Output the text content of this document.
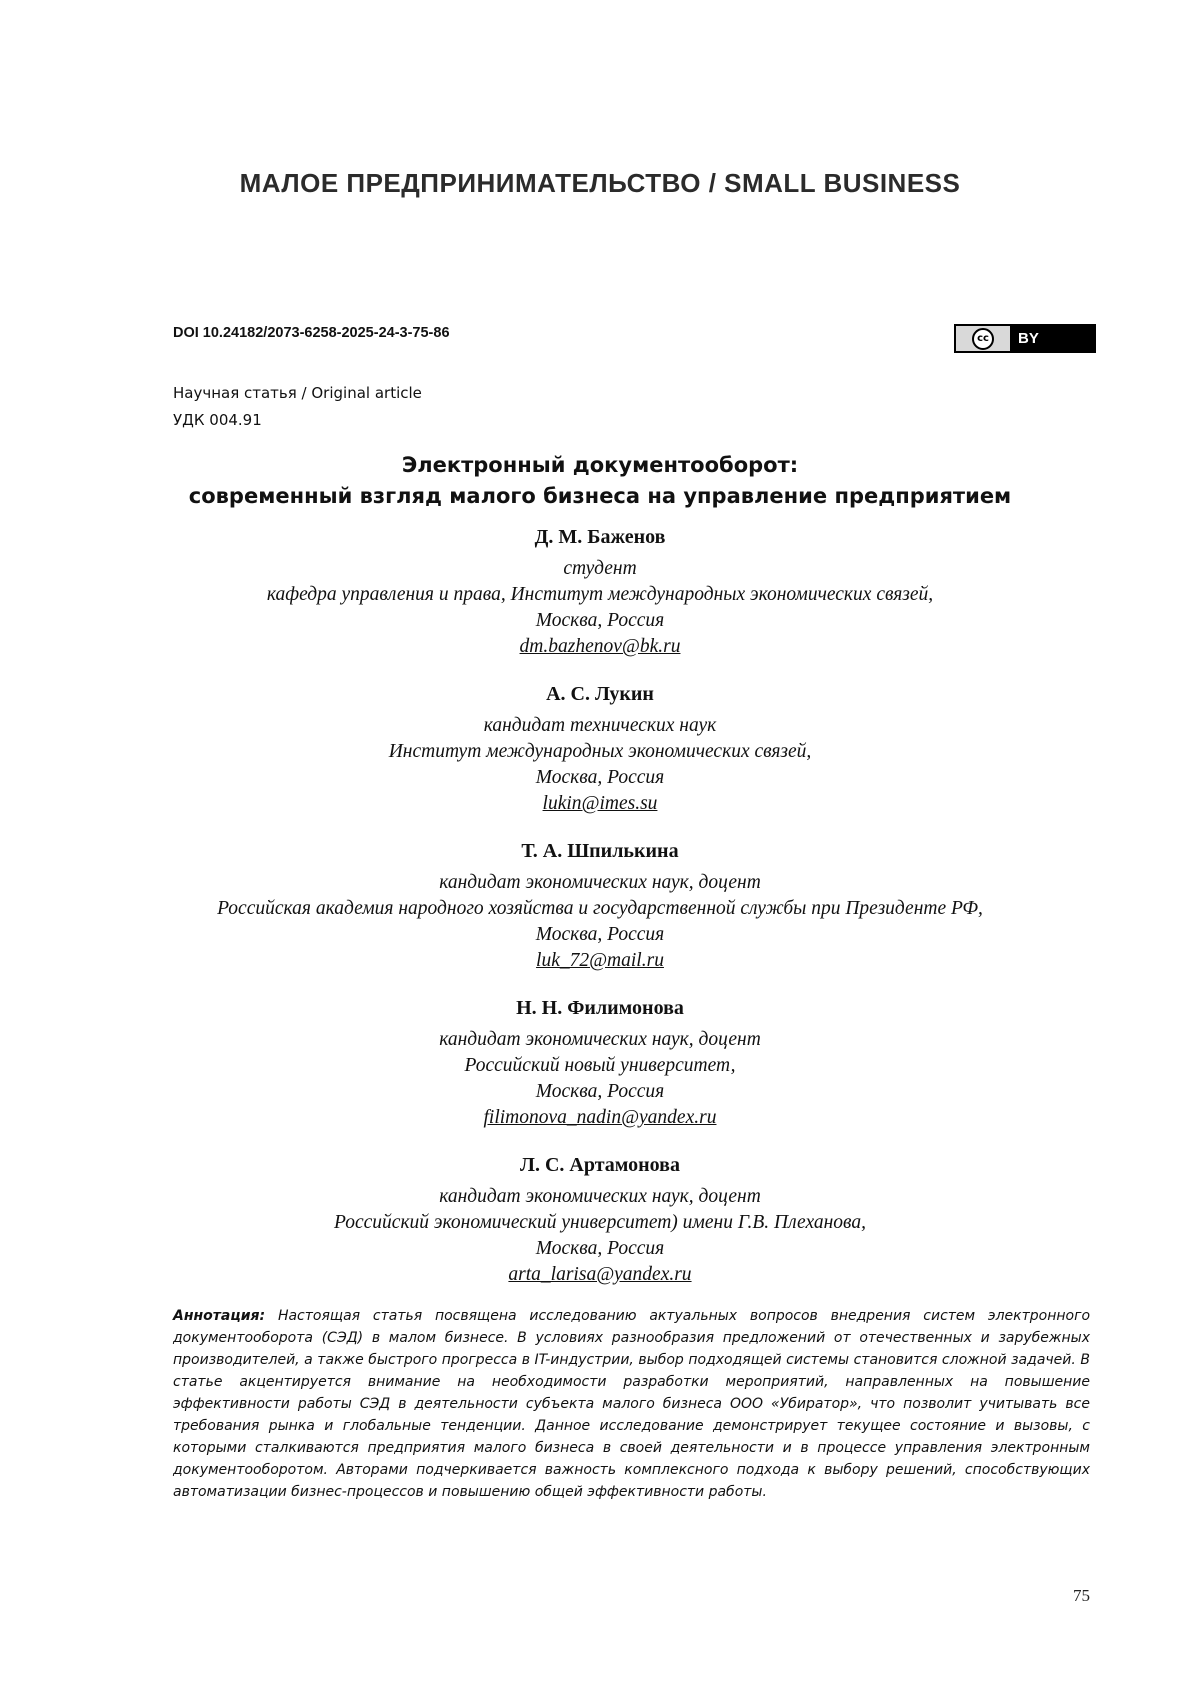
МАЛОЕ ПРЕДПРИНИМАТЕЛЬСТВО / SMALL BUSINESS
DOI 10.24182/2073-6258-2025-24-3-75-86	cc	BY
Научная статья / Original article
УДК 004.91
Электронный документооборот:
современный взгляд малого бизнеса на управление предприятием
Д. М. Баженов
студент
кафедра управления и права, Институт международных экономических связей,
Москва, Россия
dm.bazhenov@bk.ru
А. С. Лукин
кандидат технических наук
Институт международных экономических связей,
Москва, Россия
lukin@imes.su
Т. А. Шпилькина
кандидат экономических наук, доцент
Российская академия народного хозяйства и государственной службы при Президенте РФ,
Москва, Россия
luk_72@mail.ru
Н. Н. Филимонова
кандидат экономических наук, доцент
Российский новый университет,
Москва, Россия
filimonova_nadin@yandex.ru
Л. С. Артамонова
кандидат экономических наук, доцент
Российский экономический университет) имени Г.В. Плеханова,
Москва, Россия
arta_larisa@yandex.ru
Аннотация: Настоящая статья посвящена исследованию актуальных вопросов внедрения систем электронного документооборота (СЭД) в малом бизнесе. В условиях разнообразия предложений от отечественных и зарубежных производителей, а также быстрого прогресса в IT-индустрии, выбор подходящей системы становится сложной задачей. В статье акцентируется внимание на необходимости разработки мероприятий, направленных на повышение эффективности работы СЭД в деятельности субъекта малого бизнеса ООО «Убиратор», что позволит учитывать все требования рынка и глобальные тенденции. Данное исследование демонстрирует текущее состояние и вызовы, с которыми сталкиваются предприятия малого бизнеса в своей деятельности и в процессе управления электронным документооборотом. Авторами подчеркивается важность комплексного подхода к выбору решений, способствующих автоматизации бизнес-процессов и повышению общей эффективности работы.
75
